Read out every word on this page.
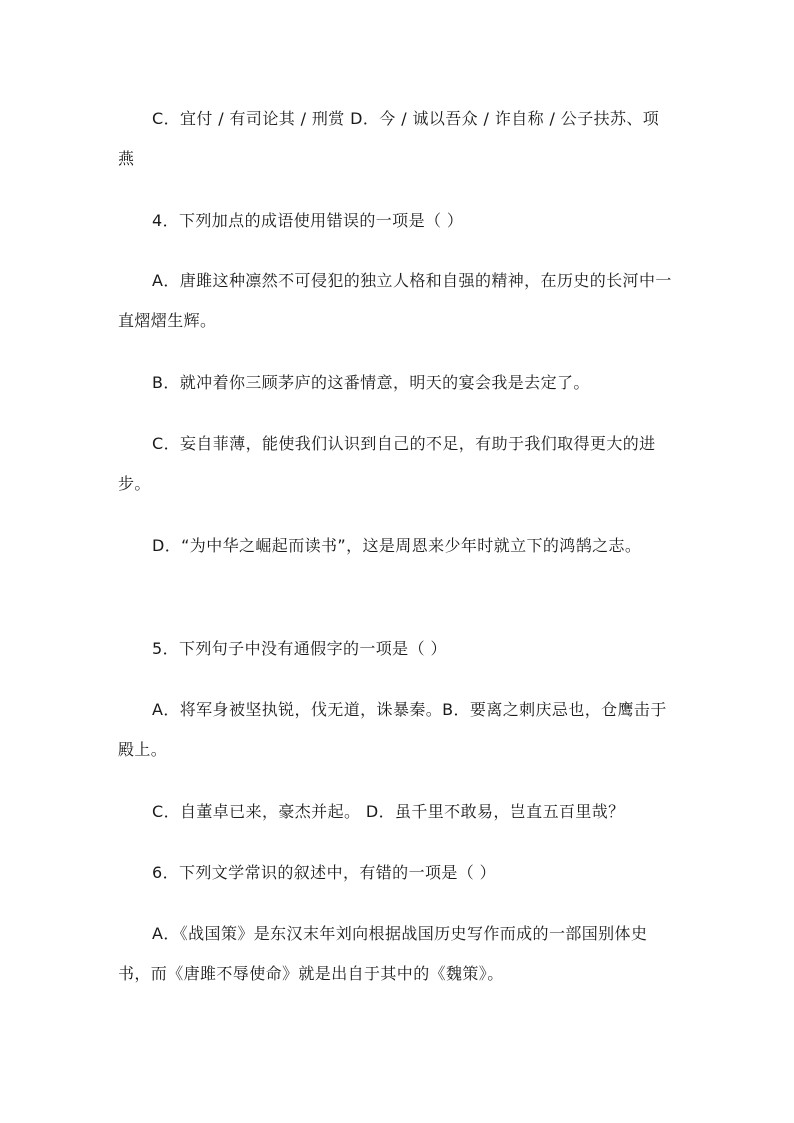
C．宜付 / 有司论其 / 刑赏 D．今 / 诚以吾众 / 诈自称 / 公子扶苏、项燕

4．下列加点的成语使用错误的一项是（ ）

A．唐雎这种凛然不可侵犯的独立人格和自强的精神，在历史的长河中一直熠熠生辉。

B．就冲着你三顾茅庐的这番情意，明天的宴会我是去定了。

C．妄自菲薄，能使我们认识到自己的不足，有助于我们取得更大的进步。

D．“为中华之崛起而读书”，这是周恩来少年时就立下的鸿鹄之志。

5．下列句子中没有通假字的一项是（ ）

A．将军身被坚执锐，伐无道，诛暴秦。B．要离之刺庆忌也，仓鹰击于殿上。

C．自董卓已来，豪杰并起。 D．虽千里不敢易，岂直五百里哉？

6．下列文学常识的叙述中，有错的一项是（ ）

A．《战国策》是东汉末年刘向根据战国历史写作而成的一部国别体史书，而《唐雎不辱使命》就是出自于其中的《魏策》。
